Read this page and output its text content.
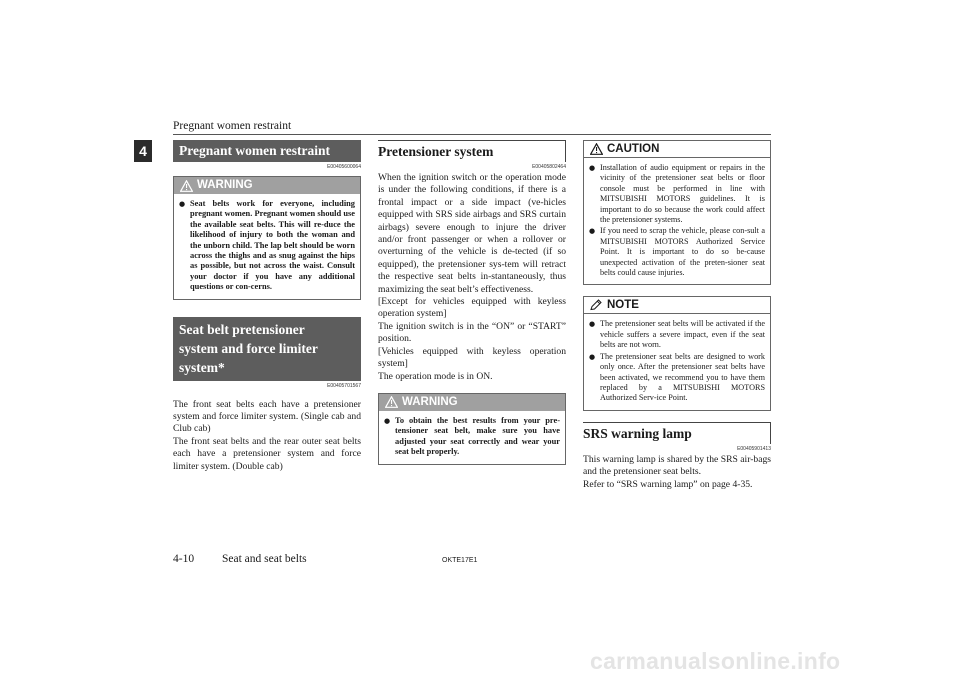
Pregnant women restraint
4	Pregnant women restraint
E00405600064
WARNING
● Seat belts work for everyone, including pregnant women. Pregnant women should use the available seat belts. This will re-duce the likelihood of injury to both the woman and the unborn child. The lap belt should be worn across the thighs and as snug against the hips as possible, but not across the waist. Consult your doctor if you have any additional questions or con-cerns.
Seat belt pretensioner
system and force limiter
system*
E00405701567

The front seat belts each have a pretensioner system and force limiter system. (Single cab and Club cab)

The front seat belts and the rear outer seat belts each have a pretensioner system and force limiter system. (Double cab)

Pretensioner system
E00405802464

When the ignition switch or the operation mode is under the following conditions, if there is a frontal impact or a side impact (ve-hicles equipped with SRS side airbags and SRS curtain airbags) severe enough to injure the driver and/or front passenger or when a rollover or overturning of the vehicle is de-tected (if so equipped), the pretensioner sys-tem will retract the respective seat belts in-stantaneously, thus maximizing the seat belt’s effectiveness.

[Except for vehicles equipped with keyless operation system]

The ignition switch is in the “ON” or “START” position.

[Vehicles equipped with keyless operation system]

The operation mode is in ON.

WARNING
● To obtain the best results from your pre-tensioner seat belt, make sure you have adjusted your seat correctly and wear your seat belt properly.
CAUTION
● Installation of audio equipment or repairs in the vicinity of the pretensioner seat belts or floor console must be performed in line with MITSUBISHI MOTORS guidelines. It is important to do so because the work could affect the pretensioner systems.
● If you need to scrap the vehicle, please con-sult a MITSUBISHI MOTORS Authorized Service Point. It is important to do so be-cause unexpected activation of the preten-sioner seat belts could cause injuries.
NOTE
● The pretensioner seat belts will be activated if the vehicle suffers a severe impact, even if the seat belts are not worn.
● The pretensioner seat belts are designed to work only once. After the pretensioner seat belts have been activated, we recommend you to have them replaced by a MITSUBISHI MOTORS Authorized Serv-ice Point.
SRS warning lamp
E00405901413

This warning lamp is shared by the SRS air-bags and the pretensioner seat belts.

Refer to “SRS warning lamp” on page 4-35.

4-10 Seat and seat belts	OKTE17E1
carmanualsonline.info
